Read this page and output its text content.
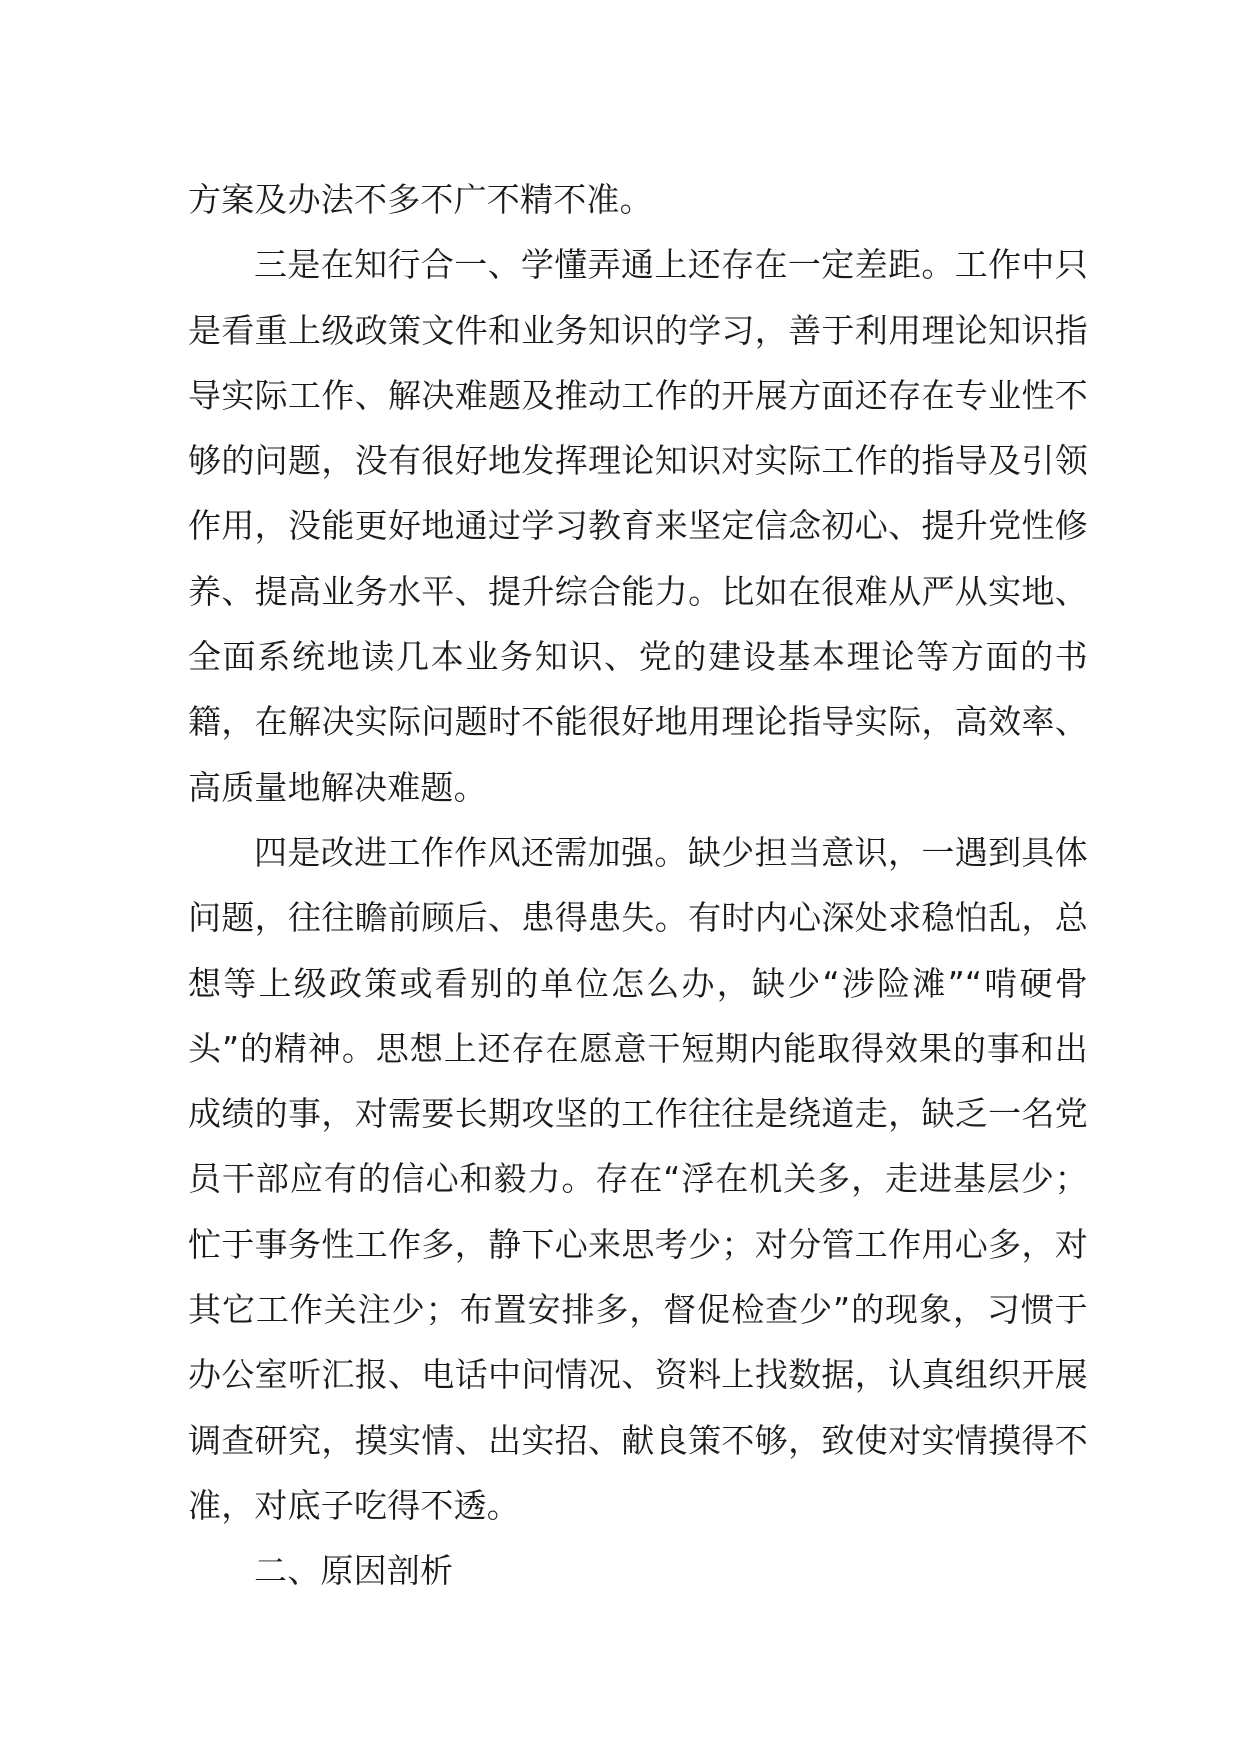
方案及办法不多不广不精不准。

三是在知行合一、学懂弄通上还存在一定差距。工作中只是看重上级政策文件和业务知识的学习，善于利用理论知识指导实际工作、解决难题及推动工作的开展方面还存在专业性不够的问题，没有很好地发挥理论知识对实际工作的指导及引领作用，没能更好地通过学习教育来坚定信念初心、提升党性修养、提高业务水平、提升综合能力。比如在很难从严从实地、全面系统地读几本业务知识、党的建设基本理论等方面的书籍，在解决实际问题时不能很好地用理论指导实际，高效率、高质量地解决难题。

四是改进工作作风还需加强。缺少担当意识，一遇到具体问题，往往瞻前顾后、患得患失。有时内心深处求稳怕乱，总想等上级政策或看别的单位怎么办，缺少“涉险滩”“啃硬骨头”的精神。思想上还存在愿意干短期内能取得效果的事和出成绩的事，对需要长期攻坚的工作往往是绕道走，缺乏一名党员干部应有的信心和毅力。存在“浮在机关多，走进基层少；忙于事务性工作多，静下心来思考少；对分管工作用心多，对其它工作关注少；布置安排多，督促检查少”的现象，习惯于办公室听汇报、电话中问情况、资料上找数据，认真组织开展调查研究，摸实情、出实招、献良策不够，致使对实情摸得不准，对底子吃得不透。

二、原因剖析
